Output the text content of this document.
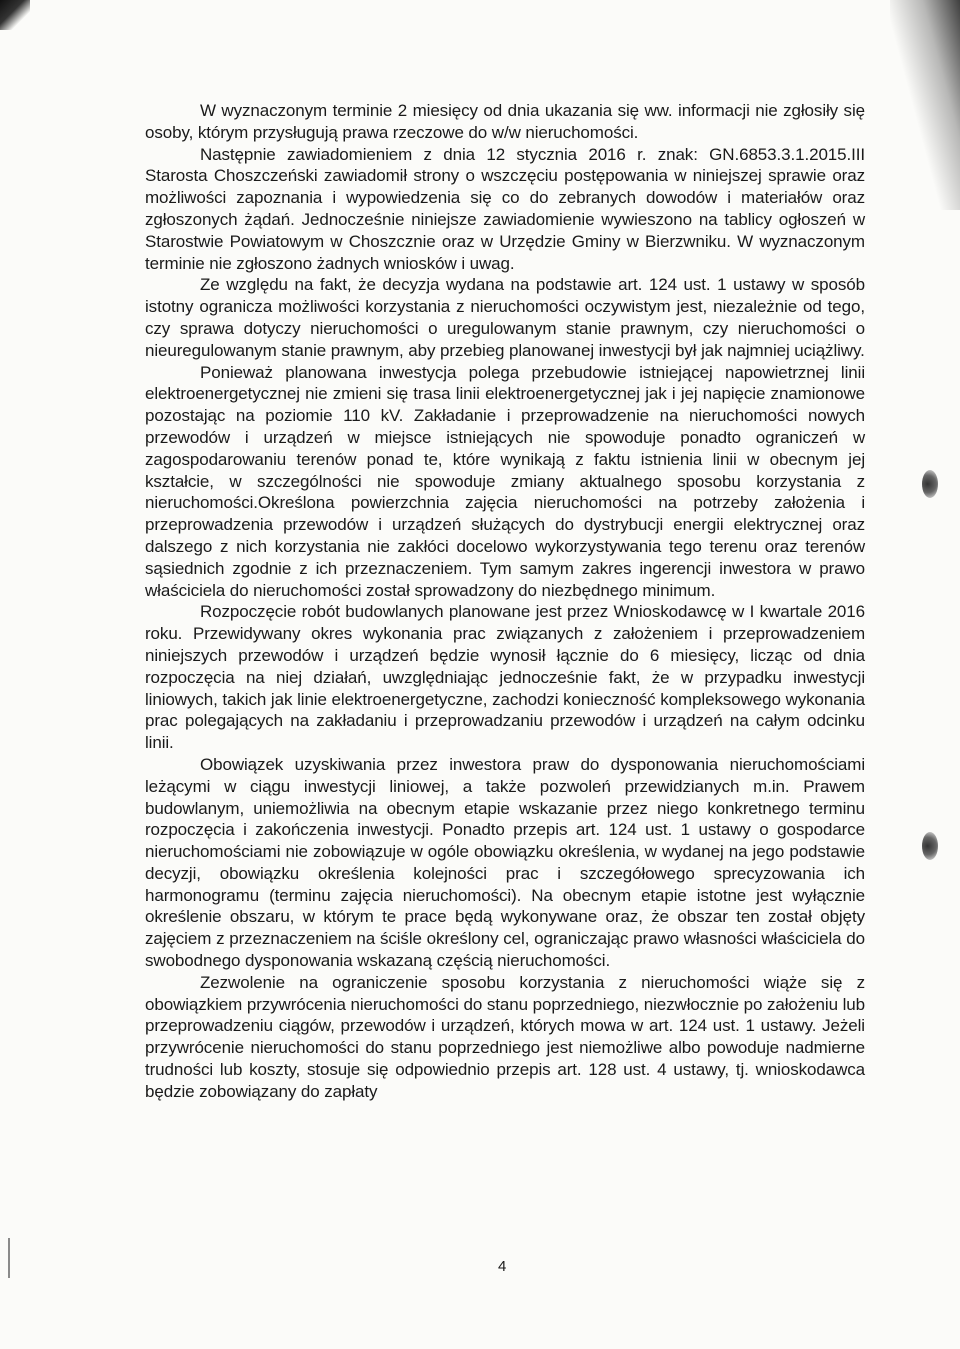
W wyznaczonym terminie 2 miesięcy od dnia ukazania się ww. informacji nie zgłosiły się osoby, którym przysługują prawa rzeczowe do w/w nieruchomości.

Następnie zawiadomieniem z dnia 12 stycznia 2016 r. znak: GN.6853.3.1.2015.III Starosta Choszczeński zawiadomił strony o wszczęciu postępowania w niniejszej sprawie oraz możliwości zapoznania i wypowiedzenia się co do zebranych dowodów i materiałów oraz zgłoszonych żądań. Jednocześnie niniejsze zawiadomienie wywieszono na tablicy ogłoszeń w Starostwie Powiatowym w Choszcznie oraz w Urzędzie Gminy w Bierzwniku. W wyznaczonym terminie nie zgłoszono żadnych wniosków i uwag.

Ze względu na fakt, że decyzja wydana na podstawie art. 124 ust. 1 ustawy w sposób istotny ogranicza możliwości korzystania z nieruchomości oczywistym jest, niezależnie od tego, czy sprawa dotyczy nieruchomości o uregulowanym stanie prawnym, czy nieruchomości o nieuregulowanym stanie prawnym, aby przebieg planowanej inwestycji był jak najmniej uciążliwy.

Ponieważ planowana inwestycja polega przebudowie istniejącej napowietrznej linii elektroenergetycznej nie zmieni się trasa linii elektroenergetycznej jak i jej napięcie znamionowe pozostając na poziomie 110 kV. Zakładanie i przeprowadzenie na nieruchomości nowych przewodów i urządzeń w miejsce istniejących nie spowoduje ponadto ograniczeń w zagospodarowaniu terenów ponad te, które wynikają z faktu istnienia linii w obecnym jej kształcie, w szczególności nie spowoduje zmiany aktualnego sposobu korzystania z nieruchomości.Określona powierzchnia zajęcia nieruchomości na potrzeby założenia i przeprowadzenia przewodów i urządzeń służących do dystrybucji energii elektrycznej oraz dalszego z nich korzystania nie zakłóci docelowo wykorzystywania tego terenu oraz terenów sąsiednich zgodnie z ich przeznaczeniem. Tym samym zakres ingerencji inwestora w prawo właściciela do nieruchomości został sprowadzony do niezbędnego minimum.

Rozpoczęcie robót budowlanych planowane jest przez Wnioskodawcę w I kwartale 2016 roku. Przewidywany okres wykonania prac związanych z założeniem i przeprowadzeniem niniejszych przewodów i urządzeń będzie wynosił łącznie do 6 miesięcy, licząc od dnia rozpoczęcia na niej działań, uwzględniając jednocześnie fakt, że w przypadku inwestycji liniowych, takich jak linie elektroenergetyczne, zachodzi konieczność kompleksowego wykonania prac polegających na zakładaniu i przeprowadzaniu przewodów i urządzeń na całym odcinku linii.

Obowiązek uzyskiwania przez inwestora praw do dysponowania nieruchomościami leżącymi w ciągu inwestycji liniowej, a także pozwoleń przewidzianych m.in. Prawem budowlanym, uniemożliwia na obecnym etapie wskazanie przez niego konkretnego terminu rozpoczęcia i zakończenia inwestycji. Ponadto przepis art. 124 ust. 1 ustawy o gospodarce nieruchomościami nie zobowiązuje w ogóle obowiązku określenia, w wydanej na jego podstawie decyzji, obowiązku określenia kolejności prac i szczegółowego sprecyzowania ich harmonogramu (terminu zajęcia nieruchomości). Na obecnym etapie istotne jest wyłącznie określenie obszaru, w którym te prace będą wykonywane oraz, że obszar ten został objęty zajęciem z przeznaczeniem na ściśle określony cel, ograniczając prawo własności właściciela do swobodnego dysponowania wskazaną częścią nieruchomości.

Zezwolenie na ograniczenie sposobu korzystania z nieruchomości wiąże się z obowiązkiem przywrócenia nieruchomości do stanu poprzedniego, niezwłocznie po założeniu lub przeprowadzeniu ciągów, przewodów i urządzeń, których mowa w art. 124 ust. 1 ustawy. Jeżeli przywrócenie nieruchomości do stanu poprzedniego jest niemożliwe albo powoduje nadmierne trudności lub koszty, stosuje się odpowiednio przepis art. 128 ust. 4 ustawy, tj. wnioskodawca będzie zobowiązany do zapłaty

4
